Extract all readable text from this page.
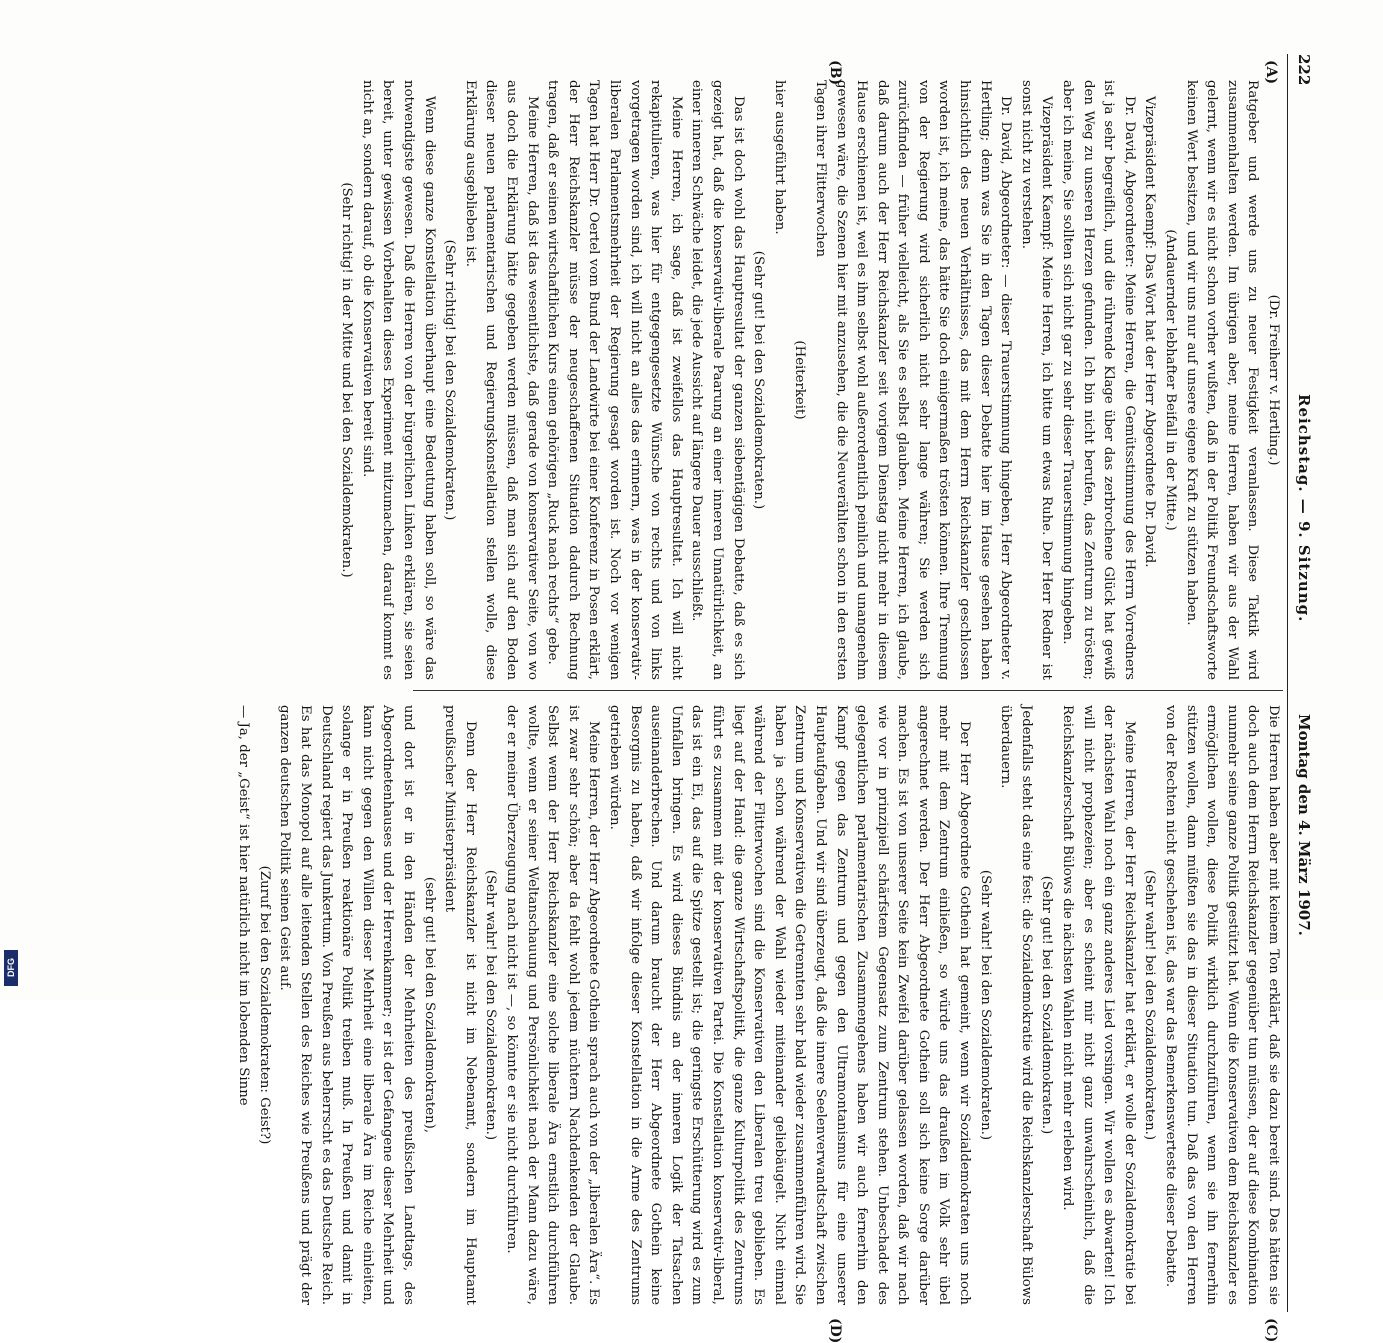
222
Reichstag. — 9. Sitzung.
Montag den 4. März 1907.
(A)
(B)
(C)
(D)

(Dr. Freiherr v. Hertling.)

Ratgeber und werde uns zu neuer Festigkeit veranlassen. Diese Taktik wird zusammenhalten werden. Im übrigen aber, meine Herren, haben wir aus der Wahl gelernt, wenn wir es nicht schon vorher wußten, daß in der Politik Freundschaftsworte keinen Wert besitzen, und wir uns nur auf unsere eigene Kraft zu stützen haben.

(Andauernder lebhafter Beifall in der Mitte.)

Vizepräsident Kaempf: Das Wort hat der Herr Abgeordnete Dr. David.

Dr. David, Abgeordneter: Meine Herren, die Gemütsstimmung des Herrn Vorredners ist ja sehr begreiflich, und die rührende Klage über das zerbrochene Glück hat gewiß den Weg zu unseren Herzen gefunden. Ich bin nicht berufen, das Zentrum zu trösten; aber ich meine, Sie sollten sich nicht gar zu sehr dieser Trauerstimmung hingeben.

Vizepräsident Kaempf: Meine Herren, ich bitte um etwas Ruhe. Der Herr Redner ist sonst nicht zu verstehen.

Dr. David, Abgeordneter: — dieser Trauerstimmung hingeben, Herr Abgeordneter v. Hertling; denn was Sie in den Tagen dieser Debatte hier im Hause gesehen haben hinsichtlich des neuen Verhältnisses, das mit dem Herrn Reichskanzler geschlossen worden ist, ich meine, das hätte Sie doch einigermaßen trösten können. Ihre Trennung von der Regierung wird sicherlich nicht sehr lange währen; Sie werden sich zurückfinden — früher vielleicht, als Sie es selbst glauben. Meine Herren, ich glaube, daß darum auch der Herr Reichskanzler seit vorigem Dienstag nicht mehr in diesem Hause erschienen ist, weil es ihm selbst wohl außerordentlich peinlich und unangenehm gewesen wäre, die Szenen hier mit anzusehen, die die Neuverählten schon in den ersten Tagen ihrer Flitterwochen

(Heiterkeit)

hier ausgeführt haben.

(Sehr gut! bei den Sozialdemokraten.)

Das ist doch wohl das Hauptresultat der ganzen siebentägigen Debatte, daß es sich gezeigt hat, daß die konservativ-liberale Paarung an einer inneren Unnatürlichkeit, an einer inneren Schwäche leidet, die jede Aussicht auf längere Dauer ausschließt.

Meine Herren, ich sage, daß ist zweifellos das Hauptresultat. Ich will nicht rekapitulieren, was hier für entgegengesetzte Wünsche von rechts und von links vorgetragen worden sind, ich will nicht an alles das erinnern, was in der konservativ-liberalen Parlamentsmehrheit der Regierung gesagt worden ist. Noch vor wenigen Tagen hat Herr Dr. Oertel vom Bund der Landwirte bei einer Konferenz in Posen erklärt, der Herr Reichskanzler müsse der neugeschaffenen Situation dadurch Rechnung tragen, daß er seinen wirtschaftlichen Kurs einen gehörigen „Ruck nach rechts“ gebe.

Meine Herren, daß ist das wesentlichste, daß gerade von konservativer Seite, von wo aus doch die Erklärung hätte gegeben werden müssen, daß man sich auf den Boden dieser neuen parlamentarischen und Regierungskonstellation stellen wolle, diese Erklärung ausgeblieben ist.

(Sehr richtig! bei den Sozialdemokraten.)

Wenn diese ganze Konstellation überhaupt eine Bedeutung haben soll, so wäre das notwendigste gewesen. Daß die Herren von der bürgerlichen Linken erklären, sie seien bereit, unter gewissen Vorbehalten dieses Experiment mitzumachen, darauf kommt es nicht an, sondern darauf, ob die Konservativen bereit sind.

(Sehr richtig! in der Mitte und bei den Sozialdemokraten.)

Die Herren haben aber mit keinem Ton erklärt, daß sie dazu bereit sind. Das hätten sie doch auch dem Herrn Reichskanzler gegenüber tun müssen, der auf diese Kombination nunmehr seine ganze Politik gestützt hat. Wenn die Konservativen dem Reichskanzler es ermöglichen wollen, diese Politik wirklich durchzuführen, wenn sie ihn fernerhin stützen wollen, dann müßten sie das in dieser Situation tun. Daß das von den Herren von der Rechten nicht geschehen ist, das war das Bemerkenswerteste dieser Debatte.

(Sehr wahr! bei den Sozialdemokraten.)

Meine Herren, der Herr Reichskanzler hat erklärt, er wolle der Sozialdemokratie bei der nächsten Wahl noch ein ganz anderes Lied vorsingen. Wir wollen es abwarten! Ich will nicht prophezeien; aber es scheint mir nicht ganz unwahrscheinlich, daß die Reichskanzlerschaft Bülows die nächsten Wahlen nicht mehr erleben wird.

(Sehr gut! bei den Sozialdemokraten.)

Jedenfalls steht das eine fest: die Sozialdemokratie wird die Reichskanzlerschaft Bülows überdauern.

(Sehr wahr! bei den Sozialdemokraten.)

Der Herr Abgeordnete Gothein hat gemeint, wenn wir Sozialdemokraten uns noch mehr mit dem Zentrum einließen, so würde uns das draußen im Volk sehr übel angerechnet werden. Der Herr Abgeordnete Gothein soll sich keine Sorge darüber machen. Es ist von unserer Seite kein Zweifel darüber gelassen worden, daß wir nach wie vor in prinzipiell schärfstem Gegensatz zum Zentrum stehen. Unbeschadet des gelegentlichen parlamentarischen Zusammengehens haben wir auch fernerhin den Kampf gegen das Zentrum und gegen den Ultramontanismus für eine unserer Hauptaufgaben. Und wir sind überzeugt, daß die innere Seelenverwandtschaft zwischen Zentrum und Konservativen die Getrennten sehr bald wieder zusammenführen wird. Sie haben ja schon während der Wahl wieder miteinander geliebäugelt. Nicht einmal während der Flitterwochen sind die Konservativen den Liberalen treu geblieben. Es liegt auf der Hand: die ganze Wirtschaftspolitik, die ganze Kulturpolitik des Zentrums führt es zusammen mit der konservativen Partei. Die Konstellation konservativ-liberal, das ist ein Ei, das auf die Spitze gestellt ist; die geringste Erschütterung wird es zum Umfallen bringen. Es wird dieses Bündnis an der inneren Logik der Tatsachen auseinanderbrechen. Und darum braucht der Herr Abgeordnete Gothein keine Besorgnis zu haben, daß wir infolge dieser Konstellation in die Arme des Zentrums getrieben würden.

Meine Herren, der Herr Abgeordnete Gothein sprach auch von der „liberalen Ära“. Es ist zwar sehr schön; aber da fehlt wohl jedem nüchtern Nachdenkenden der Glaube. Selbst wenn der Herr Reichskanzler eine solche liberale Ära ernstlich durchführen wollte, wenn er seiner Weltanschauung und Persönlichkeit nach der Mann dazu wäre, der er meiner Überzeugung nach nicht ist —, so könnte er sie nicht durchführen.

(Sehr wahr! bei den Sozialdemokraten.)

Denn der Herr Reichskanzler ist nicht im Nebenamt, sondern im Hauptamt preußischer Ministerpräsident

(sehr gut! bei den Sozialdemokraten),

und dort ist er in den Händen der Mehrheiten des preußischen Landtags, des Abgeordnetenhauses und der Herrenkammer; er ist der Gefangene dieser Mehrheit und kann nicht gegen den Willen dieser Mehrheit eine liberale Ära im Reiche einleiten, solange er in Preußen reaktionäre Politik treiben muß. In Preußen und damit in Deutschland regiert das Junkertum. Von Preußen aus beherrscht es das Deutsche Reich. Es hat das Monopol auf alle leitenden Stellen des Reiches wie Preußens und prägt der ganzen deutschen Politik seinen Geist auf.

(Zuruf bei den Sozialdemokraten: Geist?)

— Ja, der „Geist“ ist hier natürlich nicht im lobenden Sinne

DFG
